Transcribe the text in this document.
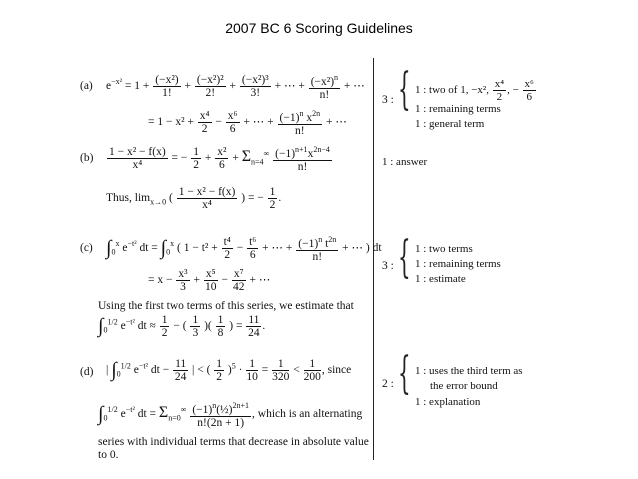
2007 BC 6 Scoring Guidelines
(a) $e^{-x^2} = 1 + \frac{\text{(−x²)}}{1!} + \frac{\text{(−x²)²}}{2!} + \frac{\text{(−x²)³}}{3!}$ + ⋯ + $\frac{(-x^2)^n}{n!}$ + ⋯
= $1 - x^2 + \frac{\text{x⁴}}{2} - \frac{\text{x⁶}}{6}$ + ⋯ + $\frac{(-1)^n x^{2n}}{n!}$ + ⋯
$(b) \frac{\text{1 − x² − f(x)}}{\text{x⁴}}$ = − $\frac{1}{2} + \frac{\text{x²}}{6} + \Sigma_{n=4}^\infty \frac{(-1)^{n+1}x^{2n-4}}{n!}$
Thus, $\lim_{x\to 0}$ ( $\frac{\text{1 − x² − f(x)}}{\text{x⁴}}$ ) = − $\frac{1}{2}$ .
(c) $\int_0^x$ $e^{-t^2}$ dt = $\int_0^x$ ( $1 - t^2 + \frac{\text{t⁴}}{2} - \frac{\text{t⁶}}{6}$ + ⋯ + $\frac{(-1)^n t^{2n}}{n!}$ + ⋯ ) dt
= $x - \frac{\text{x³}}{3} + \frac{\text{x⁵}}{10} - \frac{\text{x⁷}}{42}$ + ⋯
Using the first two terms of this series, we estimate that
$\int_0^{1/2}$ $e^{-t^2}$ dt ≈ $\frac{1}{2}$ − ( $\frac{1}{3}$ )( $\frac{1}{8}$ ) = $\frac{11}{24}$ .
(d) | $\int_0^{1/2}$ $e^{-t^2}$ dt − $\frac{11}{24}$ | < ( $\frac{1}{2} )^5 \cdot \frac{1}{10} = \frac{1}{320} < \frac{1}{200}$ , since
$\int_0^{1/2}$ $e^{-t^2}$ dt = $\Sigma_{n=0}^\infty \frac{(-1)^n(\frac{1}{2})^{2n+1}}{n!(2n + 1)}$ , which is an alternating
series with individual terms that decrease in absolute value
to 0.
3 : { 1 : two of 1, −x², $\frac{\text{x⁴}}{2}$ , − $\frac{\text{x⁶}}{6}$
1 : remaining terms
1 : general term
1 : answer
3 : { 1 : two terms
1 : remaining terms
1 : estimate
2 : { 1 : uses the third term as
the error bound
1 : explanation
